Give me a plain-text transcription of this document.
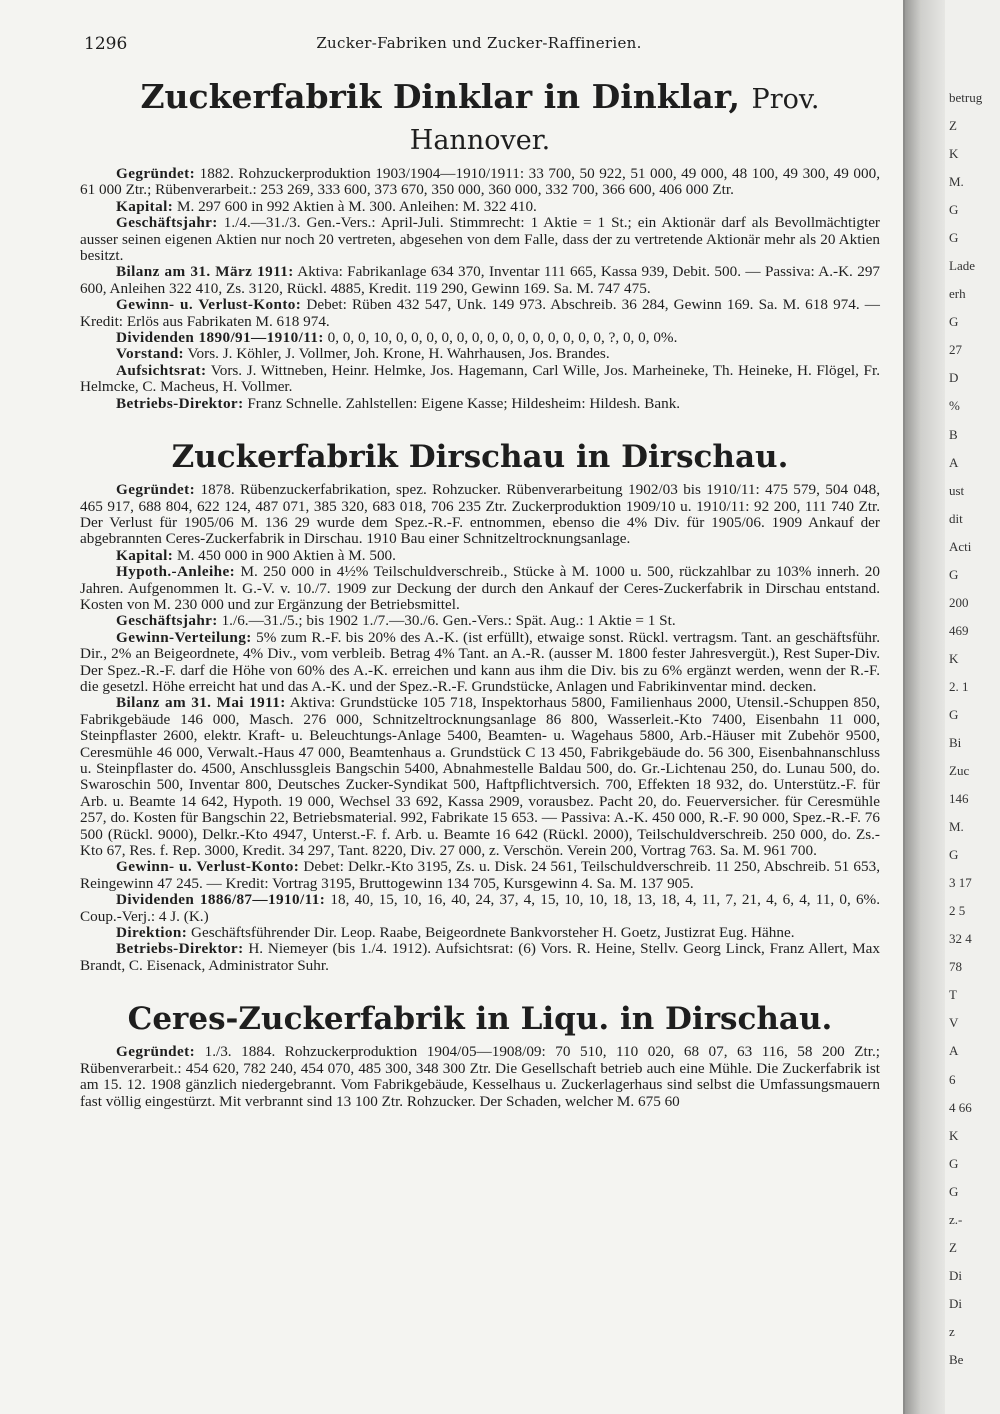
1296	Zucker-Fabriken und Zucker-Raffinerien.
Zuckerfabrik Dinklar in Dinklar, Prov. Hannover.

Gegründet: 1882. Rohzuckerproduktion 1903/1904—1910/1911: 33 700, 50 922, 51 000, 49 000, 48 100, 49 300, 49 000, 61 000 Ztr.; Rübenverarbeit.: 253 269, 333 600, 373 670, 350 000, 360 000, 332 700, 366 600, 406 000 Ztr.

Kapital: M. 297 600 in 992 Aktien à M. 300. Anleihen: M. 322 410.

Geschäftsjahr: 1./4.—31./3. Gen.-Vers.: April-Juli. Stimmrecht: 1 Aktie = 1 St.; ein Aktionär darf als Bevollmächtigter ausser seinen eigenen Aktien nur noch 20 vertreten, abgesehen von dem Falle, dass der zu vertretende Aktionär mehr als 20 Aktien besitzt.

Bilanz am 31. März 1911: Aktiva: Fabrikanlage 634 370, Inventar 111 665, Kassa 939, Debit. 500. — Passiva: A.-K. 297 600, Anleihen 322 410, Zs. 3120, Rückl. 4885, Kredit. 119 290, Gewinn 169. Sa. M. 747 475.

Gewinn- u. Verlust-Konto: Debet: Rüben 432 547, Unk. 149 973. Abschreib. 36 284, Gewinn 169. Sa. M. 618 974. — Kredit: Erlös aus Fabrikaten M. 618 974.

Dividenden 1890/91—1910/11: 0, 0, 0, 10, 0, 0, 0, 0, 0, 0, 0, 0, 0, 0, 0, 0, 0, 0, ?, 0, 0, 0%.

Vorstand: Vors. J. Köhler, J. Vollmer, Joh. Krone, H. Wahrhausen, Jos. Brandes.

Aufsichtsrat: Vors. J. Wittneben, Heinr. Helmke, Jos. Hagemann, Carl Wille, Jos. Marheineke, Th. Heineke, H. Flögel, Fr. Helmcke, C. Macheus, H. Vollmer.

Betriebs-Direktor: Franz Schnelle. Zahlstellen: Eigene Kasse; Hildesheim: Hildesh. Bank.

Zuckerfabrik Dirschau in Dirschau.

Gegründet: 1878. Rübenzuckerfabrikation, spez. Rohzucker. Rübenverarbeitung 1902/03 bis 1910/11: 475 579, 504 048, 465 917, 688 804, 622 124, 487 071, 385 320, 683 018, 706 235 Ztr. Zuckerproduktion 1909/10 u. 1910/11: 92 200, 111 740 Ztr. Der Verlust für 1905/06 M. 136 29 wurde dem Spez.-R.-F. entnommen, ebenso die 4% Div. für 1905/06. 1909 Ankauf der abgebrannten Ceres-Zuckerfabrik in Dirschau. 1910 Bau einer Schnitzeltrocknungsanlage.

Kapital: M. 450 000 in 900 Aktien à M. 500.

Hypoth.-Anleihe: M. 250 000 in 4½% Teilschuldverschreib., Stücke à M. 1000 u. 500, rückzahlbar zu 103% innerh. 20 Jahren. Aufgenommen lt. G.-V. v. 10./7. 1909 zur Deckung der durch den Ankauf der Ceres-Zuckerfabrik in Dirschau entstand. Kosten von M. 230 000 und zur Ergänzung der Betriebsmittel.

Geschäftsjahr: 1./6.—31./5.; bis 1902 1./7.—30./6. Gen.-Vers.: Spät. Aug.: 1 Aktie = 1 St.

Gewinn-Verteilung: 5% zum R.-F. bis 20% des A.-K. (ist erfüllt), etwaige sonst. Rückl. vertragsm. Tant. an geschäftsführ. Dir., 2% an Beigeordnete, 4% Div., vom verbleib. Betrag 4% Tant. an A.-R. (ausser M. 1800 fester Jahresvergüt.), Rest Super-Div. Der Spez.-R.-F. darf die Höhe von 60% des A.-K. erreichen und kann aus ihm die Div. bis zu 6% ergänzt werden, wenn der R.-F. die gesetzl. Höhe erreicht hat und das A.-K. und der Spez.-R.-F. Grundstücke, Anlagen und Fabrikinventar mind. decken.

Bilanz am 31. Mai 1911: Aktiva: Grundstücke 105 718, Inspektorhaus 5800, Familienhaus 2000, Utensil.-Schuppen 850, Fabrikgebäude 146 000, Masch. 276 000, Schnitzeltrocknungsanlage 86 800, Wasserleit.-Kto 7400, Eisenbahn 11 000, Steinpflaster 2600, elektr. Kraft- u. Beleuchtungs-Anlage 5400, Beamten- u. Wagehaus 5800, Arb.-Häuser mit Zubehör 9500, Ceresmühle 46 000, Verwalt.-Haus 47 000, Beamtenhaus a. Grundstück C 13 450, Fabrikgebäude do. 56 300, Eisenbahnanschluss u. Steinpflaster do. 4500, Anschlussgleis Bangschin 5400, Abnahmestelle Baldau 500, do. Gr.-Lichtenau 250, do. Lunau 500, do. Swaroschin 500, Inventar 800, Deutsches Zucker-Syndikat 500, Haftpflichtversich. 700, Effekten 18 932, do. Unterstütz.-F. für Arb. u. Beamte 14 642, Hypoth. 19 000, Wechsel 33 692, Kassa 2909, vorausbez. Pacht 20, do. Feuerversicher. für Ceresmühle 257, do. Kosten für Bangschin 22, Betriebsmaterial. 992, Fabrikate 15 653. — Passiva: A.-K. 450 000, R.-F. 90 000, Spez.-R.-F. 76 500 (Rückl. 9000), Delkr.-Kto 4947, Unterst.-F. f. Arb. u. Beamte 16 642 (Rückl. 2000), Teilschuldverschreib. 250 000, do. Zs.-Kto 67, Res. f. Rep. 3000, Kredit. 34 297, Tant. 8220, Div. 27 000, z. Verschön. Verein 200, Vortrag 763. Sa. M. 961 700.

Gewinn- u. Verlust-Konto: Debet: Delkr.-Kto 3195, Zs. u. Disk. 24 561, Teilschuldverschreib. 11 250, Abschreib. 51 653, Reingewinn 47 245. — Kredit: Vortrag 3195, Bruttogewinn 134 705, Kursgewinn 4. Sa. M. 137 905.

Dividenden 1886/87—1910/11: 18, 40, 15, 10, 16, 40, 24, 37, 4, 15, 10, 10, 18, 13, 18, 4, 11, 7, 21, 4, 6, 4, 11, 0, 6%. Coup.-Verj.: 4 J. (K.)

Direktion: Geschäftsführender Dir. Leop. Raabe, Beigeordnete Bankvorsteher H. Goetz, Justizrat Eug. Hähne.

Betriebs-Direktor: H. Niemeyer (bis 1./4. 1912). Aufsichtsrat: (6) Vors. R. Heine, Stellv. Georg Linck, Franz Allert, Max Brandt, C. Eisenack, Administrator Suhr.

Ceres-Zuckerfabrik in Liqu. in Dirschau.

Gegründet: 1./3. 1884. Rohzuckerproduktion 1904/05—1908/09: 70 510, 110 020, 68 07, 63 116, 58 200 Ztr.; Rübenverarbeit.: 454 620, 782 240, 454 070, 485 300, 348 300 Ztr. Die Gesellschaft betrieb auch eine Mühle. Die Zuckerfabrik ist am 15. 12. 1908 gänzlich niedergebrannt. Vom Fabrikgebäude, Kesselhaus u. Zuckerlagerhaus sind selbst die Umfassungsmauern fast völlig eingestürzt. Mit verbrannt sind 13 100 Ztr. Rohzucker. Der Schaden, welcher M. 675 60

betrug
Z
K
M.
G
G
Lade
erh
G
27
D
%
B
A
ust
dit
Acti
G
200
469
K
2. 1
G
Bi
Zuc
146
M.
G
3 17
2 5
32 4
78
T
V
A
6
4 66
K
G
G
z.-
Z
Di
Di
z
Be
